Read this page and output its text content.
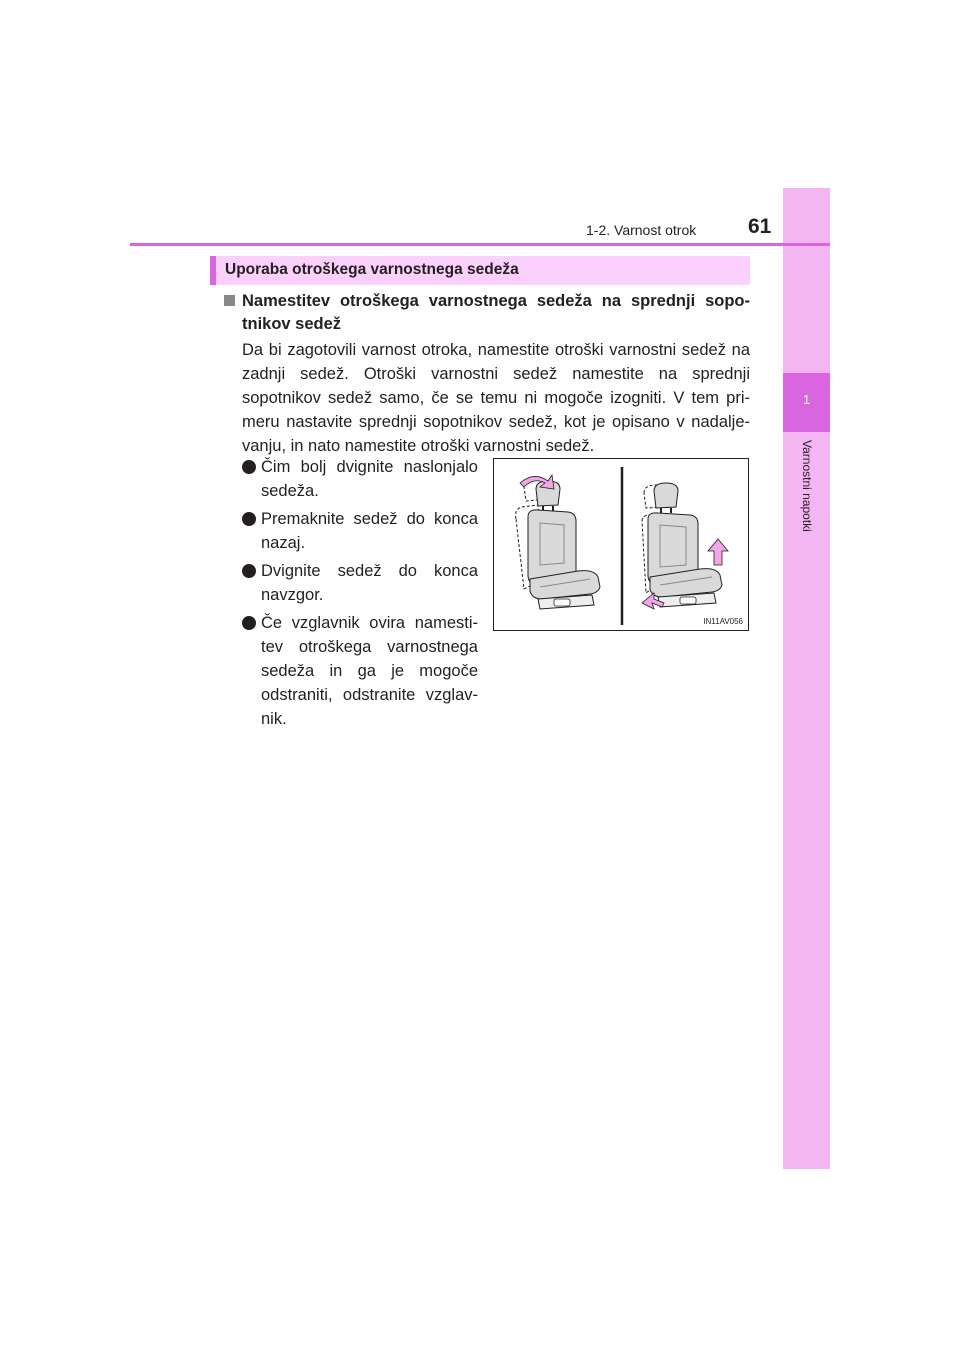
1
Varnostni napotki
1-2. Varnost otrok 61
Uporaba otroškega varnostnega sedeža
Namestitev otroškega varnostnega sedeža na sprednji sopo-tnikov sedež
Da bi zagotovili varnost otroka, namestite otroški varnostni sedež na zadnji sedež. Otroški varnostni sedež namestite na sprednji sopotnikov sedež samo, če se temu ni mogoče izogniti. V tem pri-meru nastavite sprednji sopotnikov sedež, kot je opisano v nadalje-vanju, in nato namestite otroški varnostni sedež.
Čim bolj dvignite naslonjalo sedeža.
Premaknite sedež do konca nazaj.
Dvignite sedež do konca navzgor.
Če vzglavnik ovira namesti-tev otroškega varnostnega sedeža in ga je mogoče odstraniti, odstranite vzglav-nik.
IN11AV056
